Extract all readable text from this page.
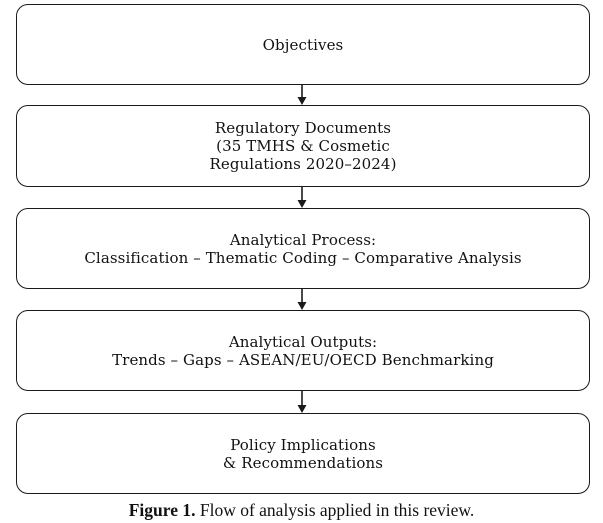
Objectives
Regulatory Documents
(35 TMHS & Cosmetic
Regulations 2020–2024)
Analytical Process:
Classification – Thematic Coding – Comparative Analysis
Analytical Outputs:
Trends – Gaps – ASEAN/EU/OECD Benchmarking
Policy Implications
& Recommendations
Figure 1. Flow of analysis applied in this review.
